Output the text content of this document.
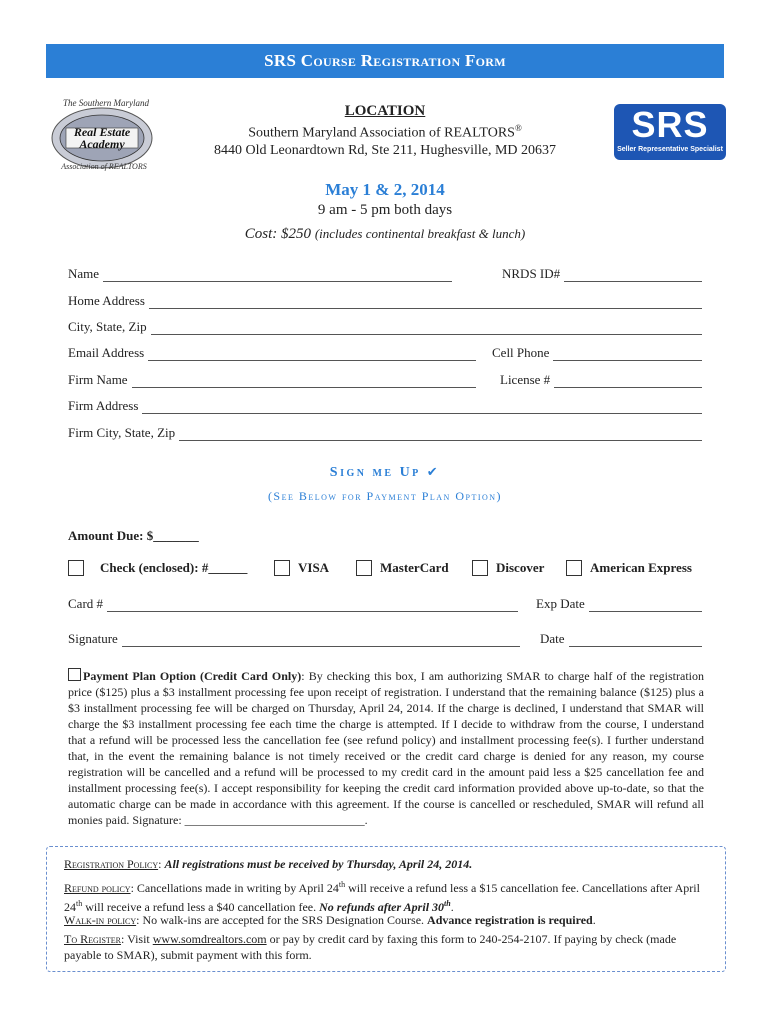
SRS Course Registration Form
The Southern Maryland
Real Estate
Academy
Association of REALTORS
SRS
Seller Representative Specialist
LOCATION
Southern Maryland Association of REALTORS®
8440 Old Leonardtown Rd, Ste 211, Hughesville, MD 20637
May 1 & 2, 2014
9 am - 5 pm both days
Cost: $250 (includes continental breakfast & lunch)
Name	NRDS ID#
Home Address
City, State, Zip
Email Address	Cell Phone
Firm Name	License #
Firm Address
Firm City, State, Zip
Sign me Up ✔
(See Below for Payment Plan Option)
Amount Due: $_______
Check (enclosed): #______	VISA	MasterCard	Discover	American Express
Card #	Exp Date
Signature	Date
Payment Plan Option (Credit Card Only): By checking this box, I am authorizing SMAR to charge half of the registration price ($125) plus a $3 installment processing fee upon receipt of registration. I understand that the remaining balance ($125) plus a $3 installment processing fee will be charged on Thursday, April 24, 2014. If the charge is declined, I understand that SMAR will charge the $3 installment processing fee each time the charge is attempted. If I decide to withdraw from the course, I understand that a refund will be processed less the cancellation fee (see refund policy) and installment processing fee(s). I further understand that, in the event the remaining balance is not timely received or the credit card charge is denied for any reason, my course registration will be cancelled and a refund will be processed to my credit card in the amount paid less a $25 cancellation fee and installment processing fee(s). I accept responsibility for keeping the credit card information provided above up-to-date, so that the automatic charge can be made in accordance with this agreement. If the course is cancelled or rescheduled, SMAR will refund all monies paid. Signature: ______________________________.
Registration Policy: All registrations must be received by Thursday, April 24, 2014.
Refund policy: Cancellations made in writing by April 24th will receive a refund less a $15 cancellation fee. Cancellations after April 24th will receive a refund less a $40 cancellation fee. No refunds after April 30th.
Walk-in policy: No walk-ins are accepted for the SRS Designation Course. Advance registration is required.
To Register: Visit www.somdrealtors.com or pay by credit card by faxing this form to 240-254-2107. If paying by check (made payable to SMAR), submit payment with this form.
